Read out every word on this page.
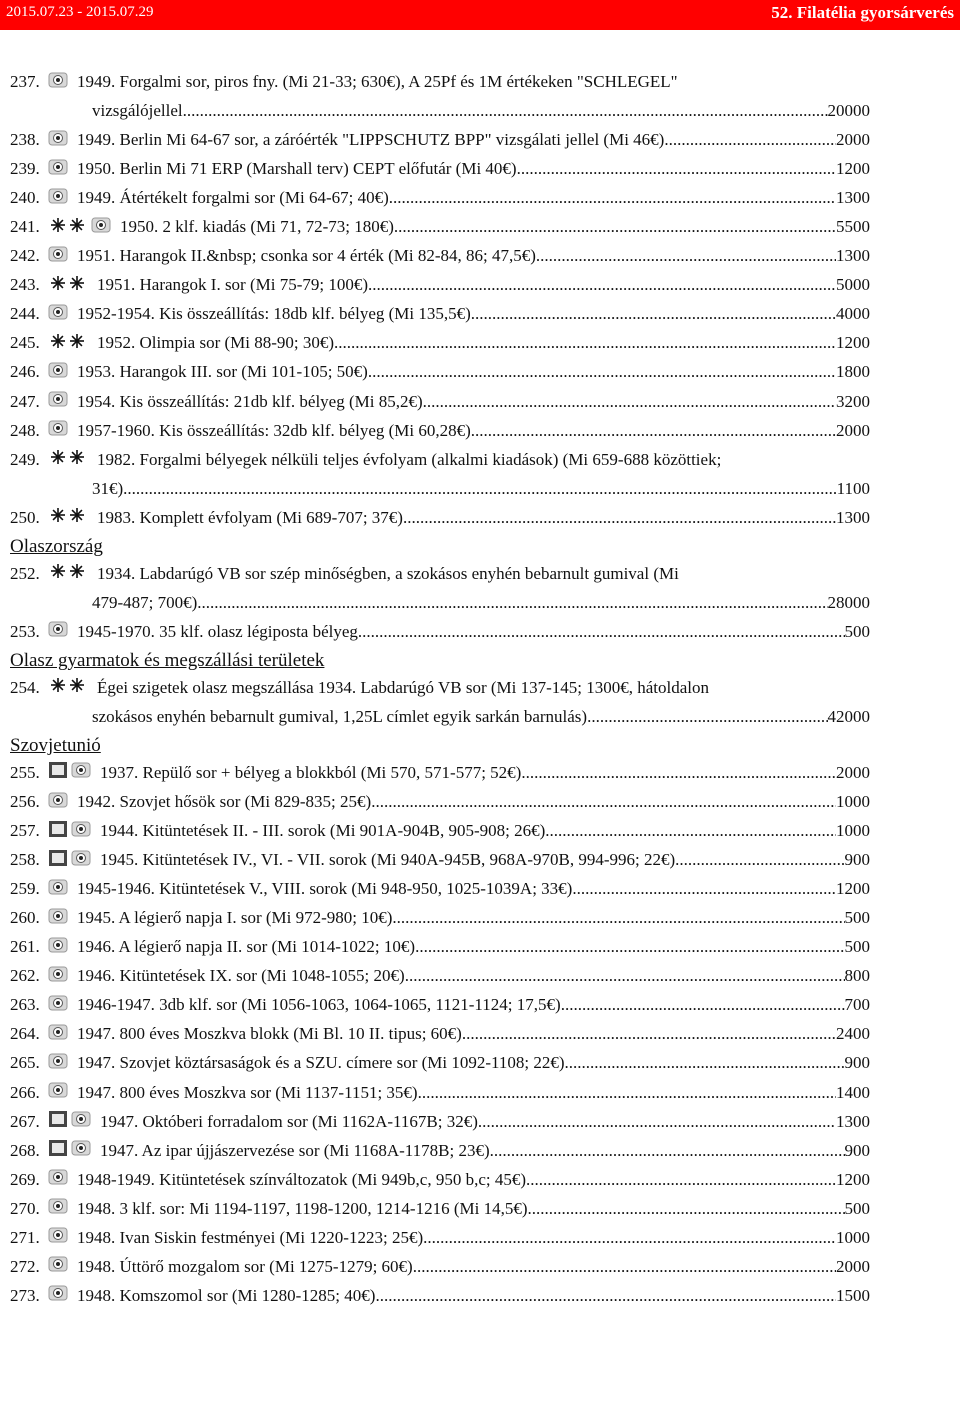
2015.07.23 - 2015.07.29	52. Filatélia gyorsárverés
237.	1949. Forgalmi sor, piros fny. (Mi 21-33; 630€), A 25Pf és 1M értékeken "SCHLEGEL"
vizsgálójellel .....	20000
238.	1949. Berlin Mi 64-67 sor, a záróérték "LIPPSCHUTZ BPP" vizsgálati jellel (Mi 46€) .....	2000
239.	1950. Berlin Mi 71 ERP (Marshall terv) CEPT előfutár (Mi 40€) .....	1200
240.	1949. Átértékelt forgalmi sor (Mi 64-67; 40€) .....	1300
241.	1950. 2 klf. kiadás (Mi 71, 72-73; 180€) .....	5500
242.	1951. Harangok II.&nbsp; csonka sor 4 érték (Mi 82-84, 86; 47,5€) .....	1300
243.	1951. Harangok I. sor (Mi 75-79; 100€) .....	5000
244.	1952-1954. Kis összeállítás: 18db klf. bélyeg (Mi 135,5€) .....	4000
245.	1952. Olimpia sor (Mi 88-90; 30€) .....	1200
246.	1953. Harangok III. sor (Mi 101-105; 50€) .....	1800
247.	1954. Kis összeállítás: 21db klf. bélyeg (Mi 85,2€) .....	3200
248.	1957-1960. Kis összeállítás: 32db klf. bélyeg (Mi 60,28€) .....	2000
249.	1982. Forgalmi bélyegek nélküli teljes évfolyam (alkalmi kiadások) (Mi 659-688 közöttiek;
31€) .....	1100
250.	1983. Komplett évfolyam (Mi 689-707; 37€) .....	1300
Olaszország
252.	1934. Labdarúgó VB sor szép minőségben, a szokásos enyhén bebarnult gumival (Mi
479-487; 700€) .....	28000
253.	1945-1970. 35 klf. olasz légiposta bélyeg .....	500
Olasz gyarmatok és megszállási területek
254.	Égei szigetek olasz megszállása 1934. Labdarúgó VB sor (Mi 137-145; 1300€, hátoldalon
szokásos enyhén bebarnult gumival, 1,25L címlet egyik sarkán barnulás) .....	42000
Szovjetunió
255.	1937. Repülő sor + bélyeg a blokkból (Mi 570, 571-577; 52€) .....	2000
256.	1942. Szovjet hősök sor (Mi 829-835; 25€) .....	1000
257.	1944. Kitüntetések II. - III. sorok (Mi 901A-904B, 905-908; 26€) .....	1000
258.	1945. Kitüntetések IV., VI. - VII. sorok (Mi 940A-945B, 968A-970B, 994-996; 22€) .....	900
259.	1945-1946. Kitüntetések V., VIII. sorok (Mi 948-950, 1025-1039A; 33€) .....	1200
260.	1945. A légierő napja I. sor (Mi 972-980; 10€) .....	500
261.	1946. A légierő napja II. sor (Mi 1014-1022; 10€) .....	500
262.	1946. Kitüntetések IX. sor (Mi 1048-1055; 20€) .....	800
263.	1946-1947. 3db klf. sor (Mi 1056-1063, 1064-1065, 1121-1124; 17,5€) .....	700
264.	1947. 800 éves Moszkva blokk (Mi Bl. 10 II. tipus; 60€) .....	2400
265.	1947. Szovjet köztársaságok és a SZU. címere sor (Mi 1092-1108; 22€) .....	900
266.	1947. 800 éves Moszkva sor (Mi 1137-1151; 35€) .....	1400
267.	1947. Októberi forradalom sor (Mi 1162A-1167B; 32€) .....	1300
268.	1947. Az ipar újjászervezése sor (Mi 1168A-1178B; 23€) .....	900
269.	1948-1949. Kitüntetések színváltozatok (Mi 949b,c, 950 b,c; 45€) .....	1200
270.	1948. 3 klf. sor: Mi 1194-1197, 1198-1200, 1214-1216 (Mi 14,5€) .....	500
271.	1948. Ivan Siskin festményei (Mi 1220-1223; 25€) .....	1000
272.	1948. Úttörő mozgalom sor (Mi 1275-1279; 60€) .....	2000
273.	1948. Komszomol sor (Mi 1280-1285; 40€) .....	1500
